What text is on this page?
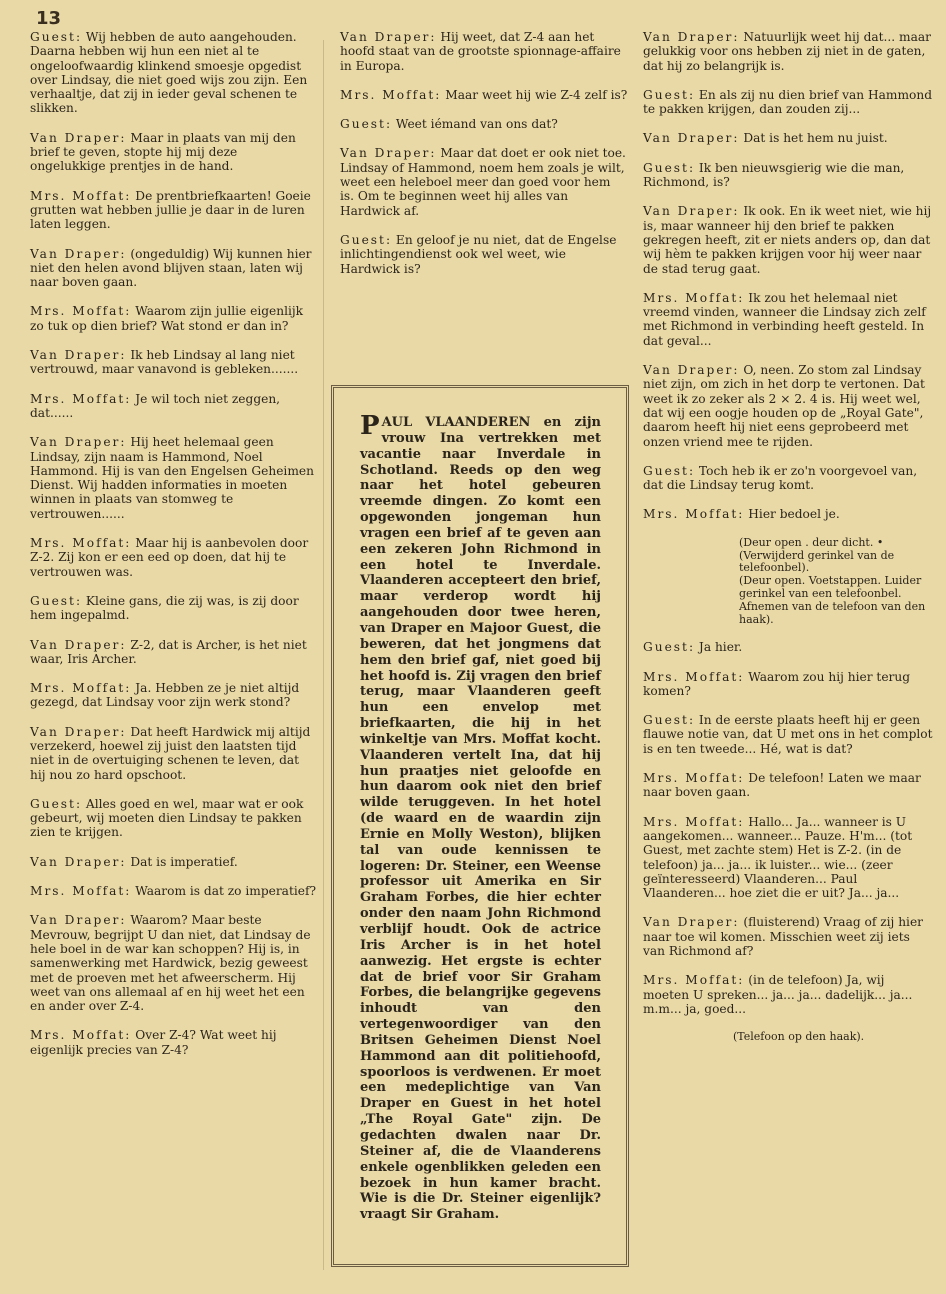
13
Guest: Wij hebben de auto aangehouden. Daarna hebben wij hun een niet al te ongeloofwaardig klinkend smoesje opgedist over Lindsay, die niet goed wijs zou zijn. Een verhaaltje, dat zij in ieder geval schenen te slikken.
Van Draper: Maar in plaats van mij den brief te geven, stopte hij mij deze ongelukkige prentjes in de hand.
Mrs. Moffat: De prentbriefkaarten! Goeie grutten wat hebben jullie je daar in de luren laten leggen.
Van Draper: (ongeduldig) Wij kunnen hier niet den helen avond blijven staan, laten wij naar boven gaan.
Mrs. Moffat: Waarom zijn jullie eigenlijk zo tuk op dien brief? Wat stond er dan in?
Van Draper: Ik heb Lindsay al lang niet vertrouwd, maar vanavond is gebleken.......
Mrs. Moffat: Je wil toch niet zeggen, dat......
Van Draper: Hij heet helemaal geen Lindsay, zijn naam is Hammond, Noel Hammond. Hij is van den Engelsen Geheimen Dienst. Wij hadden informaties in moeten winnen in plaats van stomweg te vertrouwen......
Mrs. Moffat: Maar hij is aanbevolen door Z-2. Zij kon er een eed op doen, dat hij te vertrouwen was.
Guest: Kleine gans, die zij was, is zij door hem ingepalmd.
Van Draper: Z-2, dat is Archer, is het niet waar, Iris Archer.
Mrs. Moffat: Ja. Hebben ze je niet altijd gezegd, dat Lindsay voor zijn werk stond?
Van Draper: Dat heeft Hardwick mij altijd verzekerd, hoewel zij juist den laatsten tijd niet in de overtuiging schenen te leven, dat hij nou zo hard opschoot.
Guest: Alles goed en wel, maar wat er ook gebeurt, wij moeten dien Lindsay te pakken zien te krijgen.
Van Draper: Dat is imperatief.
Mrs. Moffat: Waarom is dat zo imperatief?
Van Draper: Waarom? Maar beste Mevrouw, begrijpt U dan niet, dat Lindsay de hele boel in de war kan schoppen? Hij is, in samenwerking met Hardwick, bezig geweest met de proeven met het afweerscherm. Hij weet van ons allemaal af en hij weet het een en ander over Z-4.
Mrs. Moffat: Over Z-4? Wat weet hij eigenlijk precies van Z-4?
Van Draper: Hij weet, dat Z-4 aan het hoofd staat van de grootste spionnage-affaire in Europa.
Mrs. Moffat: Maar weet hij wie Z-4 zelf is?
Guest: Weet iémand van ons dat?
Van Draper: Maar dat doet er ook niet toe. Lindsay of Hammond, noem hem zoals je wilt, weet een heleboel meer dan goed voor hem is. Om te beginnen weet hij alles van Hardwick af.
Guest: En geloof je nu niet, dat de Engelse inlichtingendienst ook wel weet, wie Hardwick is?
Van Draper: Natuurlijk weet hij dat... maar gelukkig voor ons hebben zij niet in de gaten, dat hij zo belangrijk is.
Guest: En als zij nu dien brief van Hammond te pakken krijgen, dan zouden zij...
Van Draper: Dat is het hem nu juist.
Guest: Ik ben nieuwsgierig wie die man, Richmond, is?
Van Draper: Ik ook. En ik weet niet, wie hij is, maar wanneer hij den brief te pakken gekregen heeft, zit er niets anders op, dan dat wij hèm te pakken krijgen voor hij weer naar de stad terug gaat.
Mrs. Moffat: Ik zou het helemaal niet vreemd vinden, wanneer die Lindsay zich zelf met Richmond in verbinding heeft gesteld. In dat geval...
Van Draper: O, neen. Zo stom zal Lindsay niet zijn, om zich in het dorp te vertonen. Dat weet ik zo zeker als 2 × 2. 4 is. Hij weet wel, dat wij een oogje houden op de „Royal Gate", daarom heeft hij niet eens geprobeerd met onzen vriend mee te rijden.
Guest: Toch heb ik er zo'n voorgevoel van, dat die Lindsay terug komt.
Mrs. Moffat: Hier bedoel je.

(Deur open . deur dicht. • (Verwijderd gerinkel van de telefoonbel).

(Deur open. Voetstappen. Luider gerinkel van een telefoonbel. Afnemen van de telefoon van den haak).

Guest: Ja hier.
Mrs. Moffat: Waarom zou hij hier terug komen?
Guest: In de eerste plaats heeft hij er geen flauwe notie van, dat U met ons in het complot is en ten tweede... Hé, wat is dat?
Mrs. Moffat: De telefoon! Laten we maar naar boven gaan.
Mrs. Moffat: Hallo... Ja... wanneer is U aangekomen... wanneer... Pauze. H'm... (tot Guest, met zachte stem) Het is Z-2. (in de telefoon) ja... ja... ik luister... wie... (zeer geïnteresseerd) Vlaanderen... Paul Vlaanderen... hoe ziet die er uit? Ja... ja...
Van Draper: (fluisterend) Vraag of zij hier naar toe wil komen. Misschien weet zij iets van Richmond af?
Mrs. Moffat: (in de telefoon) Ja, wij moeten U spreken... ja... ja... dadelijk... ja... m.m... ja, goed...
(Telefoon op den haak).

PAUL VLAANDEREN en zijn vrouw Ina vertrekken met vacantie naar Inverdale in Schotland. Reeds op den weg naar het hotel gebeuren vreemde dingen. Zo komt een opgewonden jongeman hun vragen een brief af te geven aan een zekeren John Richmond in een hotel te Inverdale. Vlaanderen accepteert den brief, maar verderop wordt hij aangehouden door twee heren, van Draper en Majoor Guest, die beweren, dat het jongmens dat hem den brief gaf, niet goed bij het hoofd is. Zij vragen den brief terug, maar Vlaanderen geeft hun een envelop met briefkaarten, die hij in het winkeltje van Mrs. Moffat kocht. Vlaanderen vertelt Ina, dat hij hun praatjes niet geloofde en hun daarom ook niet den brief wilde teruggeven. In het hotel (de waard en de waardin zijn Ernie en Molly Weston), blijken tal van oude kennissen te logeren: Dr. Steiner, een Weense professor uit Amerika en Sir Graham Forbes, die hier echter onder den naam John Richmond verblijf houdt. Ook de actrice Iris Archer is in het hotel aanwezig. Het ergste is echter dat de brief voor Sir Graham Forbes, die belangrijke gegevens inhoudt van den vertegenwoordiger van den Britsen Geheimen Dienst Noel Hammond aan dit politiehoofd, spoorloos is verdwenen. Er moet een medeplichtige van Van Draper en Guest in het hotel „The Royal Gate" zijn. De gedachten dwalen naar Dr. Steiner af, die de Vlaanderens enkele ogenblikken geleden een bezoek in hun kamer bracht. Wie is die Dr. Steiner eigenlijk? vraagt Sir Graham.
